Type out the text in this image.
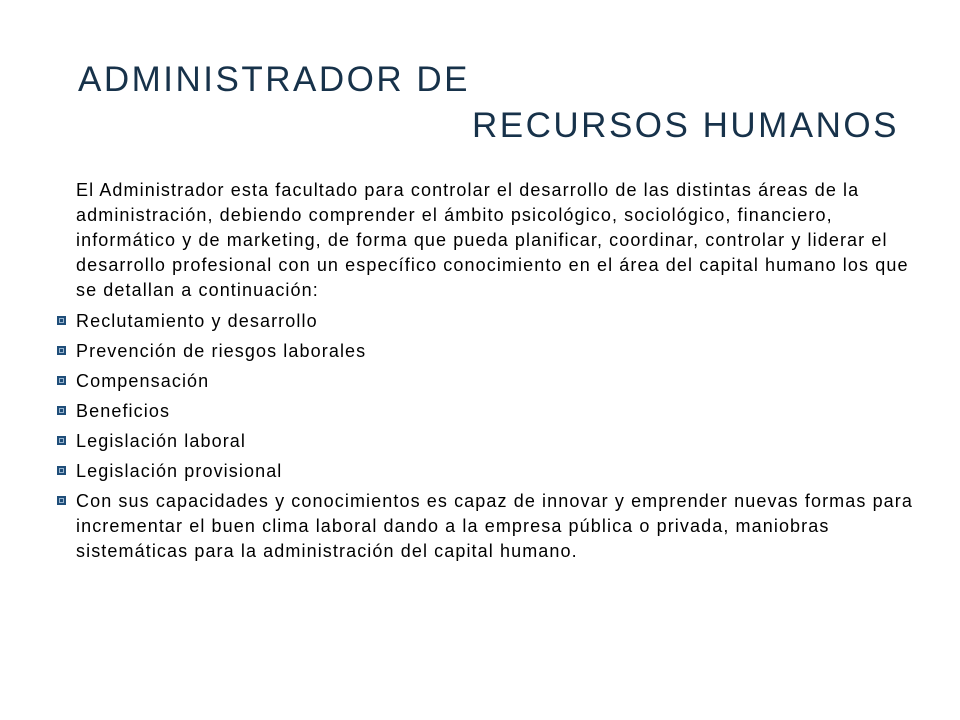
ADMINISTRADOR DE
RECURSOS HUMANOS

El Administrador esta facultado para controlar el desarrollo de las distintas áreas de la administración, debiendo comprender el ámbito psicológico, sociológico, financiero, informático y de marketing, de forma que pueda planificar, coordinar, controlar y liderar el desarrollo profesional con un específico conocimiento en el área del capital humano los que se detallan a continuación:

Reclutamiento y desarrollo
Prevención de riesgos laborales
Compensación
Beneficios
Legislación laboral
Legislación provisional
Con sus capacidades y conocimientos es capaz de innovar y emprender nuevas formas para incrementar el buen clima laboral dando a la empresa pública o privada, maniobras sistemáticas para la administración del capital humano.
